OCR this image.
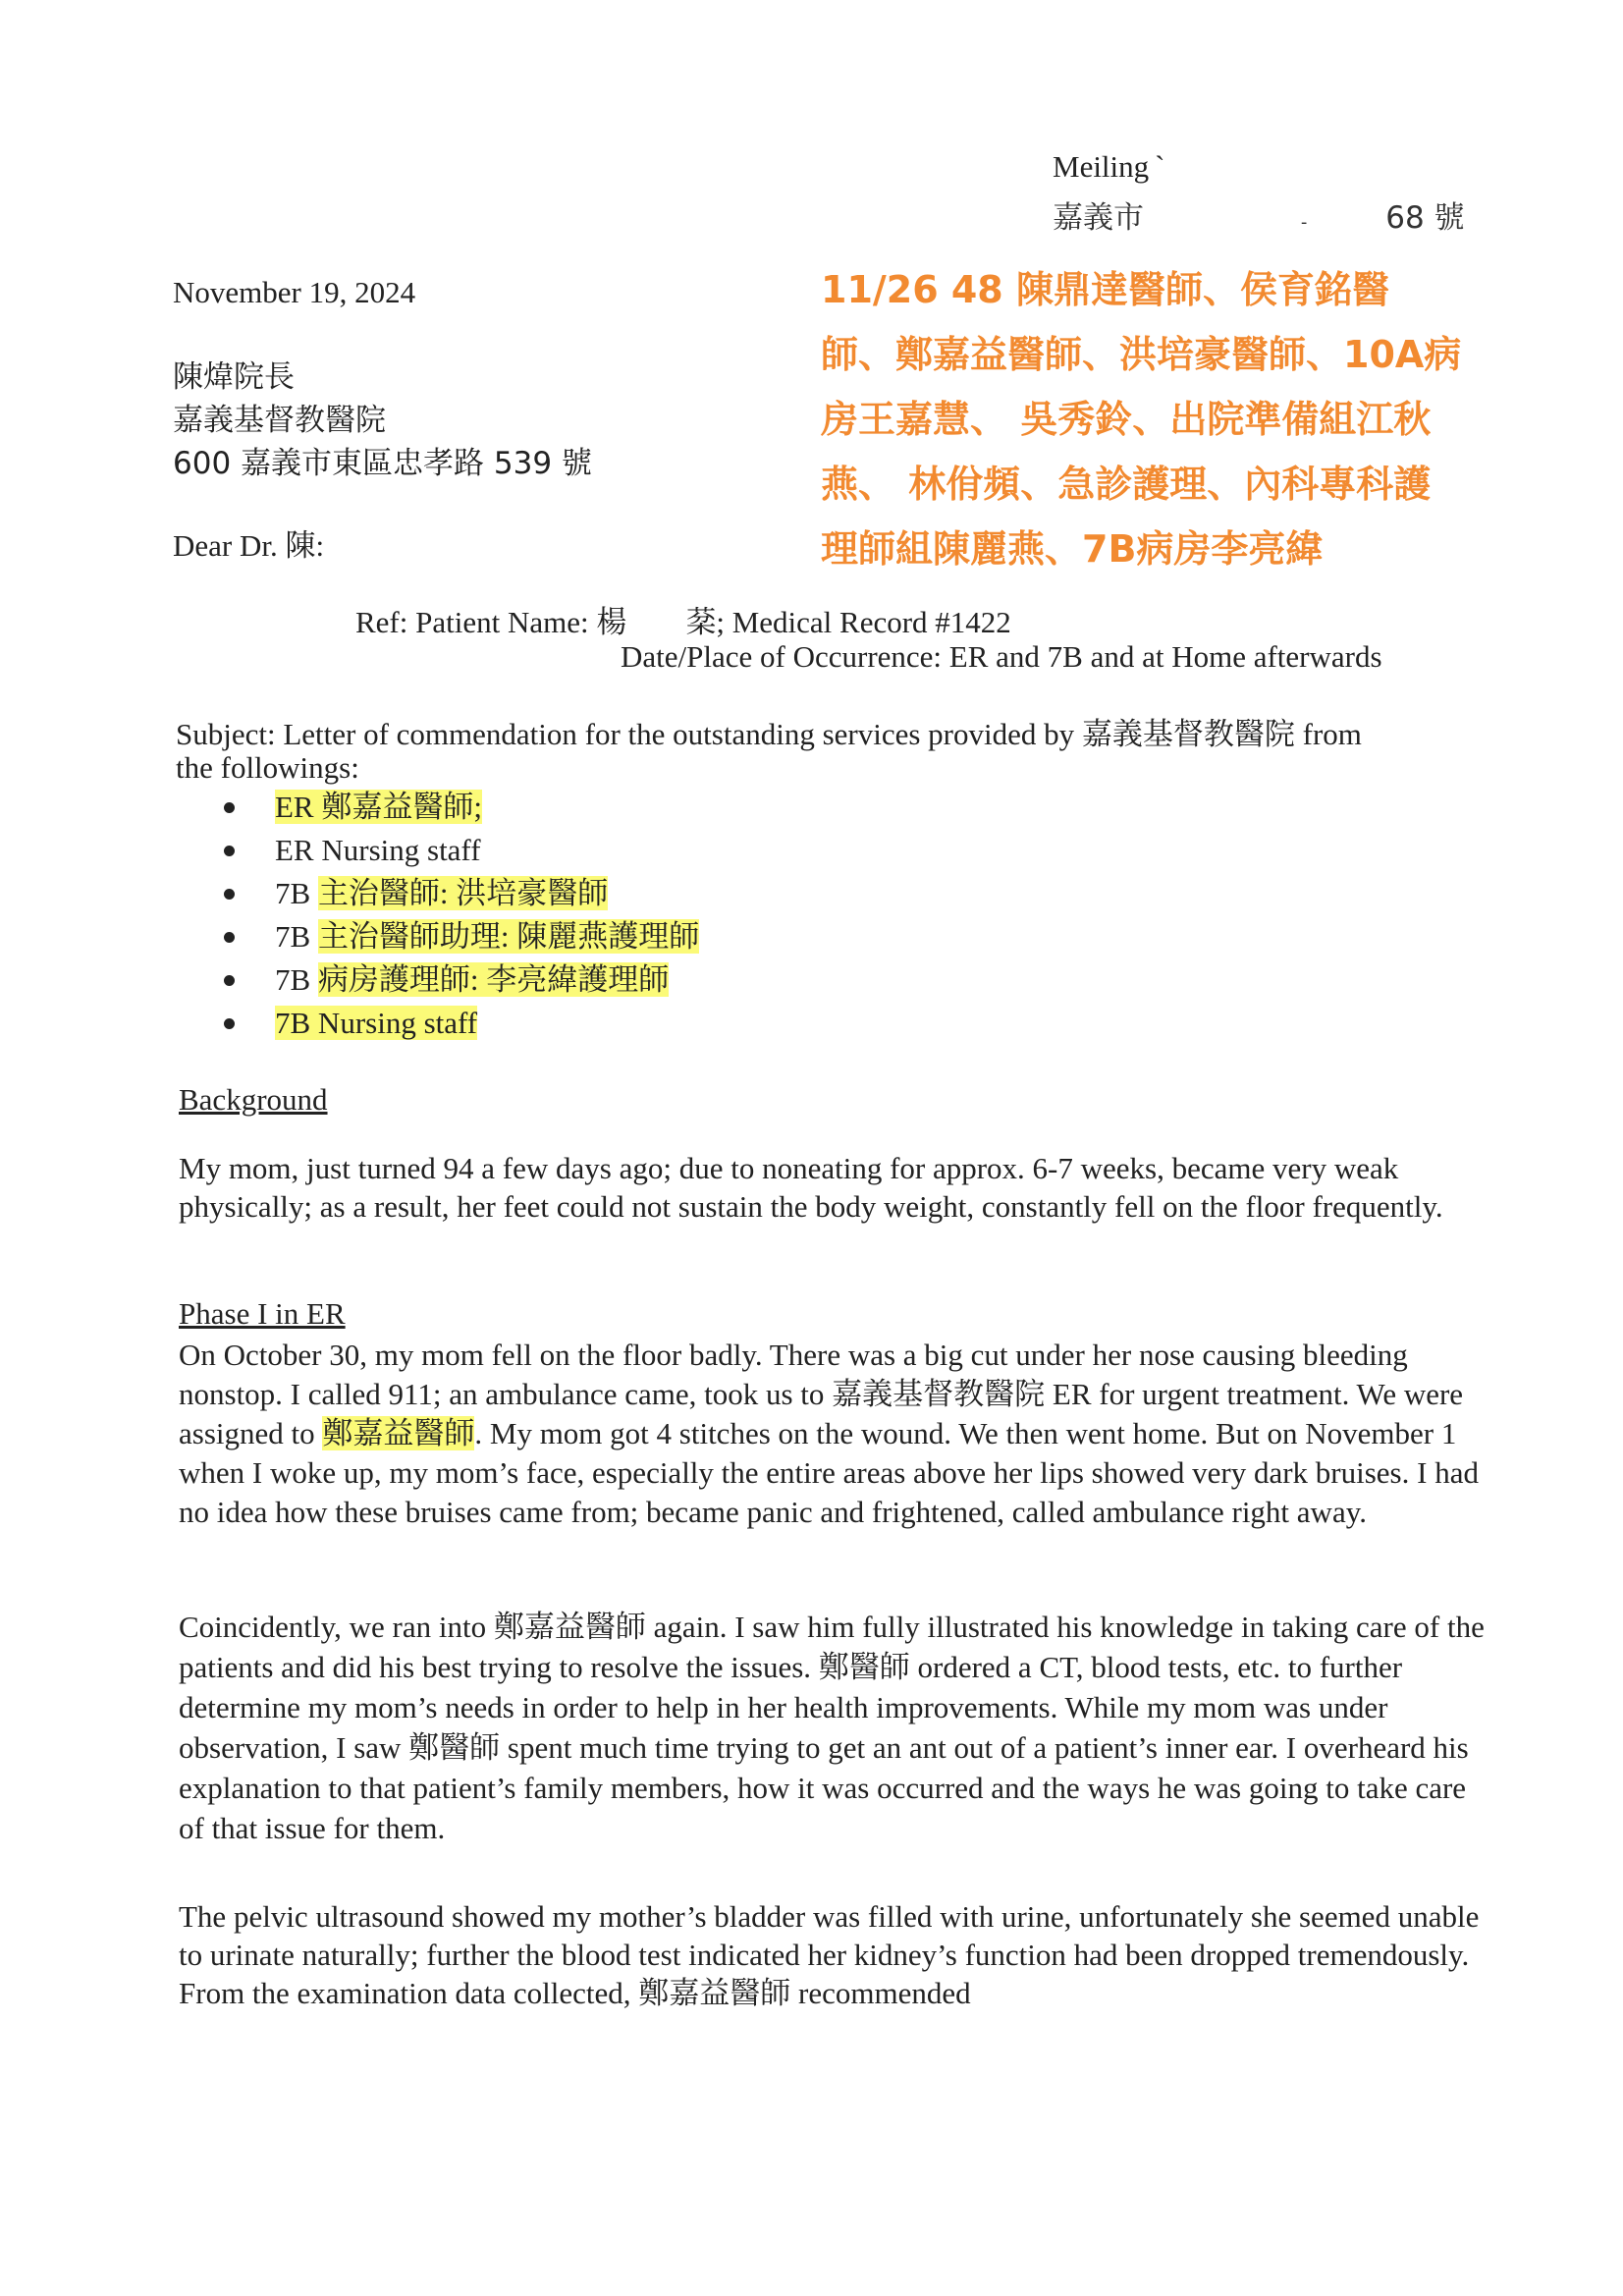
Meiling `
嘉義市	-	68 號
11/26 48 陳鼎達醫師、侯育銘醫
師、鄭嘉益醫師、洪培豪醫師、10A病
房王嘉慧、 吳秀鈴、出院準備組江秋
燕、 林佾頻、急診護理、內科專科護
理師組陳麗燕、7B病房李亮緯
November 19, 2024
陳煒院長
嘉義基督教醫院
600 嘉義市東區忠孝路 539 號
Dear Dr. 陳:
Ref: Patient Name: 楊 棻; Medical Record #1422
Date/Place of Occurrence: ER and 7B and at Home afterwards
Subject: Letter of commendation for the outstanding services provided by 嘉義基督教醫院 from
the followings:
ER 鄭嘉益醫師;
ER Nursing staff
7B 主治醫師: 洪培豪醫師
7B 主治醫師助理: 陳麗燕護理師
7B 病房護理師: 李亮緯護理師
7B Nursing staff
Background
My mom, just turned 94 a few days ago; due to noneating for approx. 6-7 weeks, became very weak physically; as a result, her feet could not sustain the body weight, constantly fell on the floor frequently.
Phase I in ER
On October 30, my mom fell on the floor badly. There was a big cut under her nose causing bleeding nonstop. I called 911; an ambulance came, took us to 嘉義基督教醫院 ER for urgent treatment. We were assigned to 鄭嘉益醫師. My mom got 4 stitches on the wound. We then went home. But on November 1 when I woke up, my mom’s face, especially the entire areas above her lips showed very dark bruises. I had no idea how these bruises came from; became panic and frightened, called ambulance right away.
Coincidently, we ran into 鄭嘉益醫師 again. I saw him fully illustrated his knowledge in taking care of the patients and did his best trying to resolve the issues. 鄭醫師 ordered a CT, blood tests, etc. to further determine my mom’s needs in order to help in her health improvements. While my mom was under observation, I saw 鄭醫師 spent much time trying to get an ant out of a patient’s inner ear. I overheard his explanation to that patient’s family members, how it was occurred and the ways he was going to take care of that issue for them.
The pelvic ultrasound showed my mother’s bladder was filled with urine, unfortunately she seemed unable to urinate naturally; further the blood test indicated her kidney’s function had been dropped tremendously. From the examination data collected, 鄭嘉益醫師 recommended
